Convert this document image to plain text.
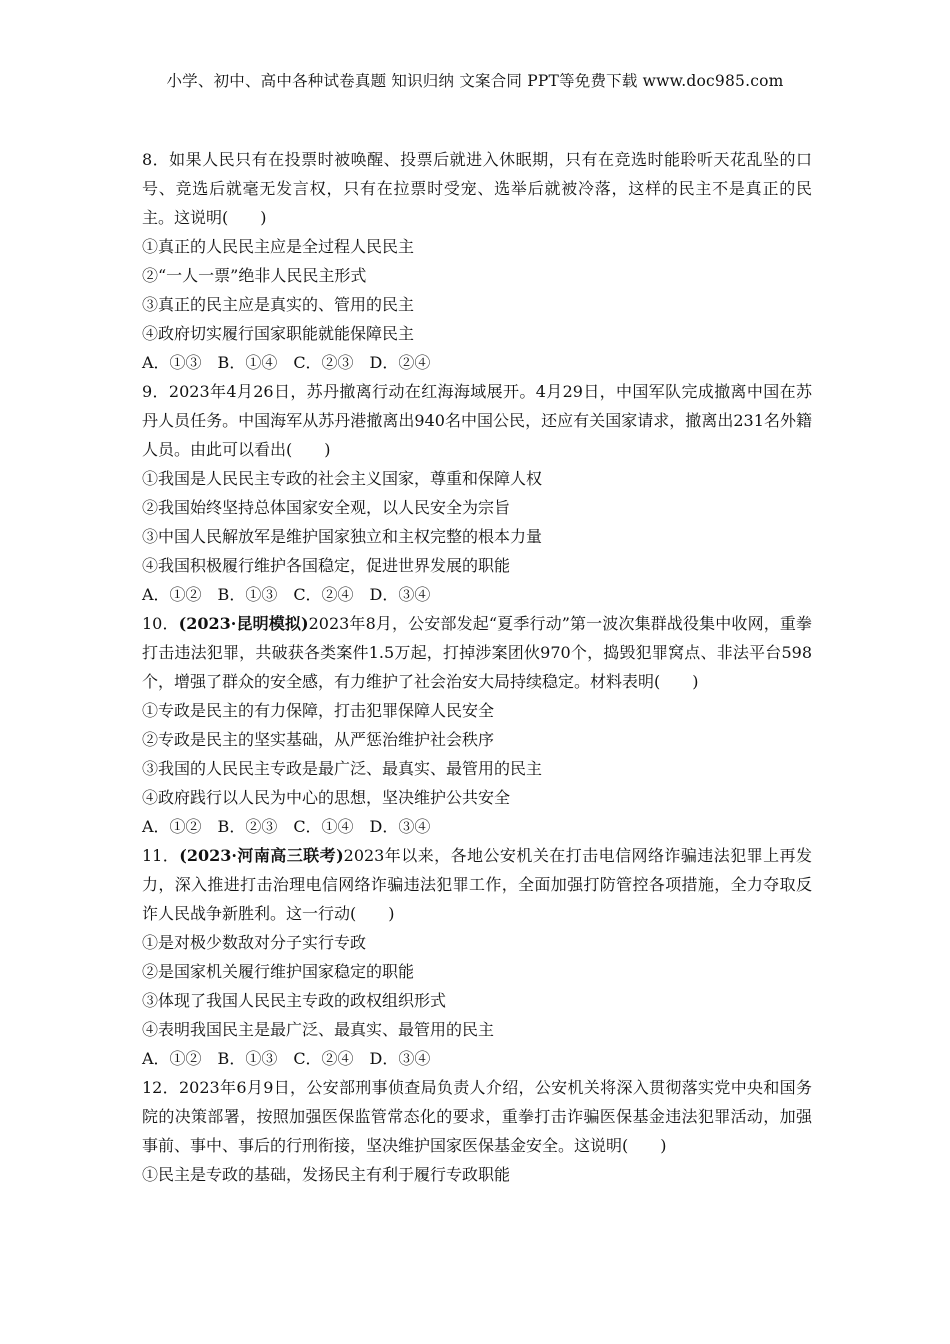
小学、初中、高中各种试卷真题 知识归纳 文案合同 PPT等免费下载 www.doc985.com

8．如果人民只有在投票时被唤醒、投票后就进入休眠期，只有在竞选时能聆听天花乱坠的口号、竞选后就毫无发言权，只有在拉票时受宠、选举后就被冷落，这样的民主不是真正的民主。这说明(　　)

①真正的人民民主应是全过程人民民主

②“一人一票”绝非人民民主形式

③真正的民主应是真实的、管用的民主

④政府切实履行国家职能就能保障民主

A．①③　B．①④　C．②③　D．②④

9．2023年4月26日，苏丹撤离行动在红海海域展开。4月29日，中国军队完成撤离中国在苏丹人员任务。中国海军从苏丹港撤离出940名中国公民，还应有关国家请求，撤离出231名外籍人员。由此可以看出(　　)

①我国是人民民主专政的社会主义国家，尊重和保障人权

②我国始终坚持总体国家安全观，以人民安全为宗旨

③中国人民解放军是维护国家独立和主权完整的根本力量

④我国积极履行维护各国稳定，促进世界发展的职能

A．①②　B．①③　C．②④　D．③④

10．(2023·昆明模拟)2023年8月，公安部发起“夏季行动”第一波次集群战役集中收网，重拳打击违法犯罪，共破获各类案件1.5万起，打掉涉案团伙970个，捣毁犯罪窝点、非法平台598个，增强了群众的安全感，有力维护了社会治安大局持续稳定。材料表明(　　)

①专政是民主的有力保障，打击犯罪保障人民安全

②专政是民主的坚实基础，从严惩治维护社会秩序

③我国的人民民主专政是最广泛、最真实、最管用的民主

④政府践行以人民为中心的思想，坚决维护公共安全

A．①②　B．②③　C．①④　D．③④

11．(2023·河南高三联考)2023年以来，各地公安机关在打击电信网络诈骗违法犯罪上再发力，深入推进打击治理电信网络诈骗违法犯罪工作，全面加强打防管控各项措施，全力夺取反诈人民战争新胜利。这一行动(　　)

①是对极少数敌对分子实行专政

②是国家机关履行维护国家稳定的职能

③体现了我国人民民主专政的政权组织形式

④表明我国民主是最广泛、最真实、最管用的民主

A．①②　B．①③　C．②④　D．③④

12．2023年6月9日，公安部刑事侦查局负责人介绍，公安机关将深入贯彻落实党中央和国务院的决策部署，按照加强医保监管常态化的要求，重拳打击诈骗医保基金违法犯罪活动，加强事前、事中、事后的行刑衔接，坚决维护国家医保基金安全。这说明(　　)

①民主是专政的基础，发扬民主有利于履行专政职能
